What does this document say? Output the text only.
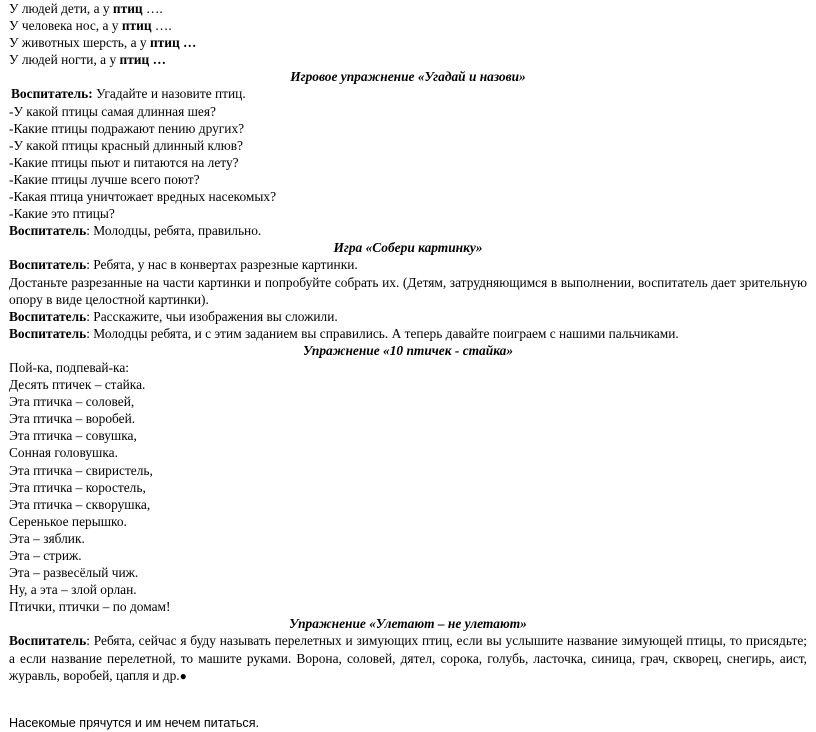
У людей дети, а у птиц ….
У человека нос, а у птиц ….
У животных шерсть, а у птиц …
У людей ногти, а у птиц …
Игровое упражнение «Угадай и назови»
Воспитатель: Угадайте и назовите птиц.
-У какой птицы самая длинная шея?
-Какие птицы подражают пению других?
-У какой птицы красный длинный клюв?
-Какие птицы пьют и питаются на лету?
-Какие птицы лучше всего поют?
-Какая птица уничтожает вредных насекомых?
-Какие это птицы?
Воспитатель: Молодцы, ребята, правильно.
Игра «Собери картинку»
Воспитатель: Ребята, у нас в конвертах разрезные картинки.
Достаньте разрезанные на части картинки и попробуйте собрать их. (Детям, затрудняющимся в выполнении, воспитатель дает зрительную опору в виде целостной картинки).
Воспитатель: Расскажите, чьи изображения вы сложили.
Воспитатель: Молодцы ребята, и с этим заданием вы справились. А теперь давайте поиграем с нашими пальчиками.
Упражнение «10 птичек - стайка»
Пой-ка, подпевай-ка:
Десять птичек – стайка.
Эта птичка – соловей,
Эта птичка – воробей.
Эта птичка – совушка,
Сонная головушка.
Эта птичка – свиристель,
Эта птичка – коростель,
Эта птичка – скворушка,
Серенькое перышко.
Эта – зяблик.
Эта – стриж.
Эта – развесёлый чиж.
Ну, а эта – злой орлан.
Птички, птички – по домам!
Упражнение «Улетают – не улетают»
Воспитатель: Ребята, сейчас я буду называть перелетных и зимующих птиц, если вы услышите название зимующей птицы, то присядьте; а если название перелетной, то машите руками. Ворона, соловей, дятел, сорока, голубь, ласточка, синица, грач, скворец, снегирь, аист, журавль, воробей, цапля и др.●
Насекомые прячутся и им нечем питаться.
